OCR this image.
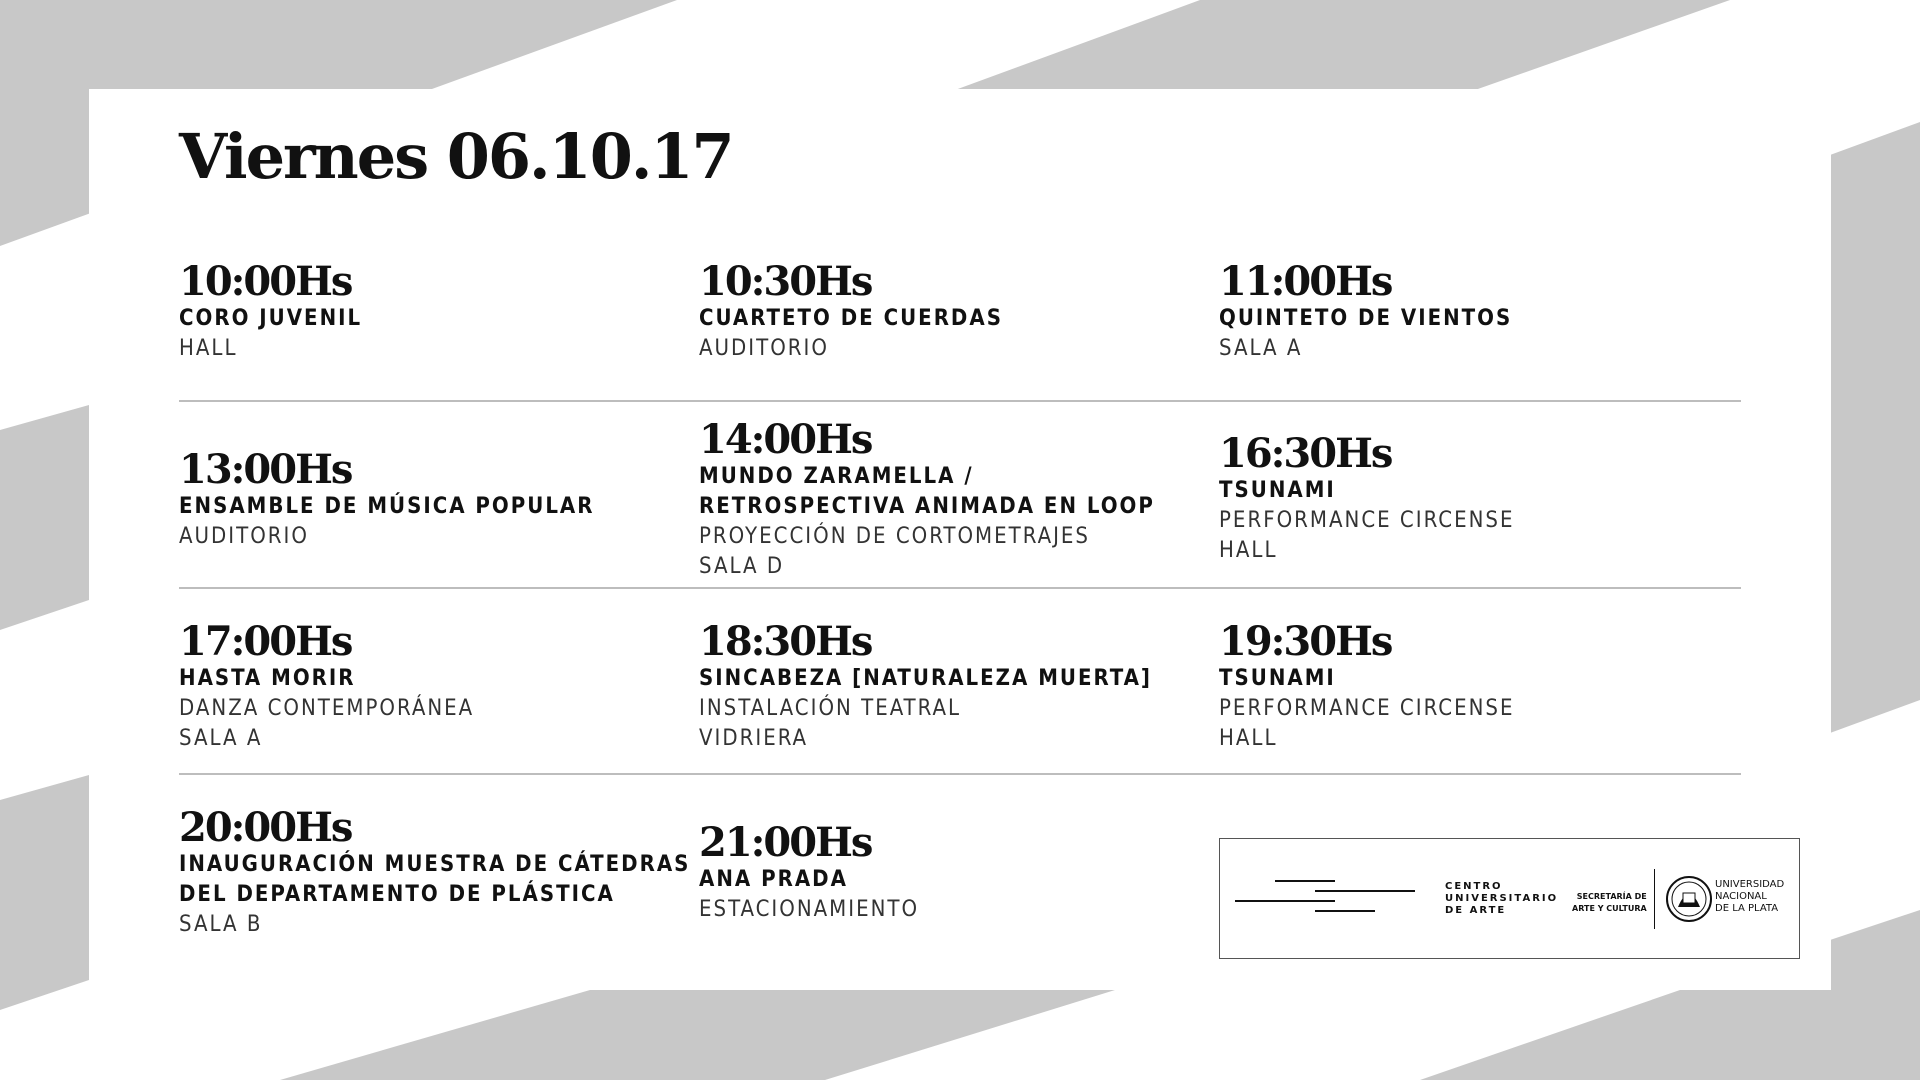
Viernes 06.10.17
10:00Hs
CORO JUVENIL
HALL
10:30Hs
CUARTETO DE CUERDAS
AUDITORIO
11:00Hs
QUINTETO DE VIENTOS
SALA A
13:00Hs
ENSAMBLE DE MÚSICA POPULAR
AUDITORIO
14:00Hs
MUNDO ZARAMELLA /
RETROSPECTIVA ANIMADA EN LOOP
PROYECCIÓN DE CORTOMETRAJES
SALA D
16:30Hs
TSUNAMI
PERFORMANCE CIRCENSE
HALL
17:00Hs
HASTA MORIR
DANZA CONTEMPORÁNEA
SALA A
18:30Hs
SINCABEZA [NATURALEZA MUERTA]
INSTALACIÓN TEATRAL
VIDRIERA
19:30Hs
TSUNAMI
PERFORMANCE CIRCENSE
HALL
20:00Hs
INAUGURACIÓN MUESTRA DE CÁTEDRAS
DEL DEPARTAMENTO DE PLÁSTICA
SALA B
21:00Hs
ANA PRADA
ESTACIONAMIENTO
CENTRO
UNIVERSITARIO
DE ARTE
SECRETARÍA DE
ARTE Y CULTURA
UNIVERSIDAD
NACIONAL
DE LA PLATA
